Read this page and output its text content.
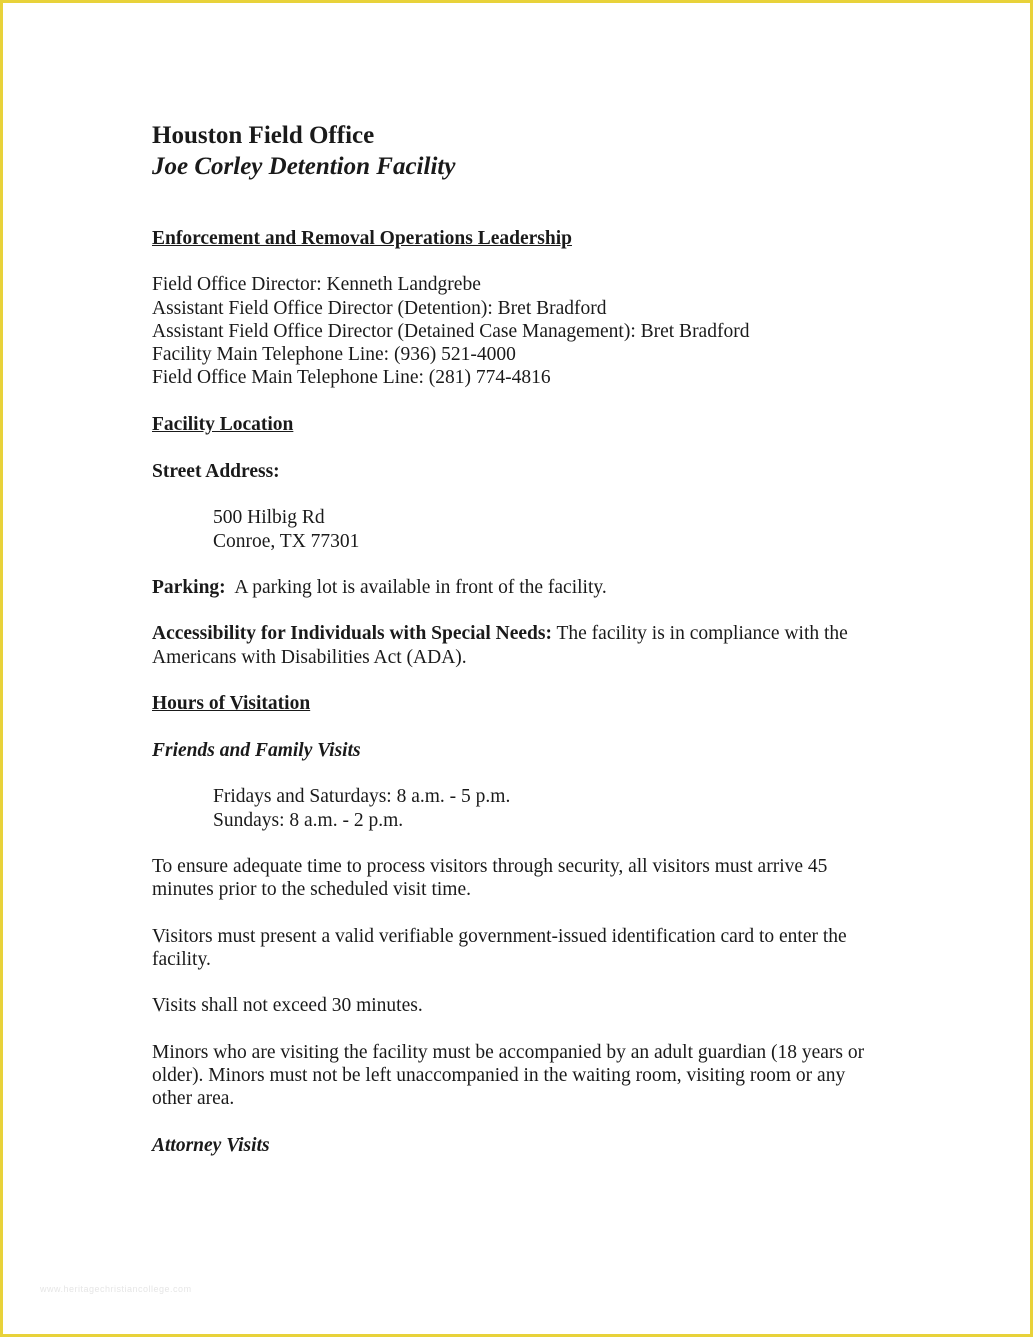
Houston Field Office
Joe Corley Detention Facility
Enforcement and Removal Operations Leadership
Field Office Director: Kenneth Landgrebe
Assistant Field Office Director (Detention): Bret Bradford
Assistant Field Office Director (Detained Case Management): Bret Bradford
Facility Main Telephone Line: (936) 521-4000
Field Office Main Telephone Line: (281) 774-4816
Facility Location
Street Address:
500 Hilbig Rd
Conroe, TX 77301
Parking:  A parking lot is available in front of the facility.
Accessibility for Individuals with Special Needs: The facility is in compliance with the Americans with Disabilities Act (ADA).
Hours of Visitation
Friends and Family Visits
Fridays and Saturdays: 8 a.m. - 5 p.m.
Sundays: 8 a.m. - 2 p.m.
To ensure adequate time to process visitors through security, all visitors must arrive 45 minutes prior to the scheduled visit time.
Visitors must present a valid verifiable government-issued identification card to enter the facility.
Visits shall not exceed 30 minutes.
Minors who are visiting the facility must be accompanied by an adult guardian (18 years or older). Minors must not be left unaccompanied in the waiting room, visiting room or any other area.
Attorney Visits
www.heritagechristiancollege.com
